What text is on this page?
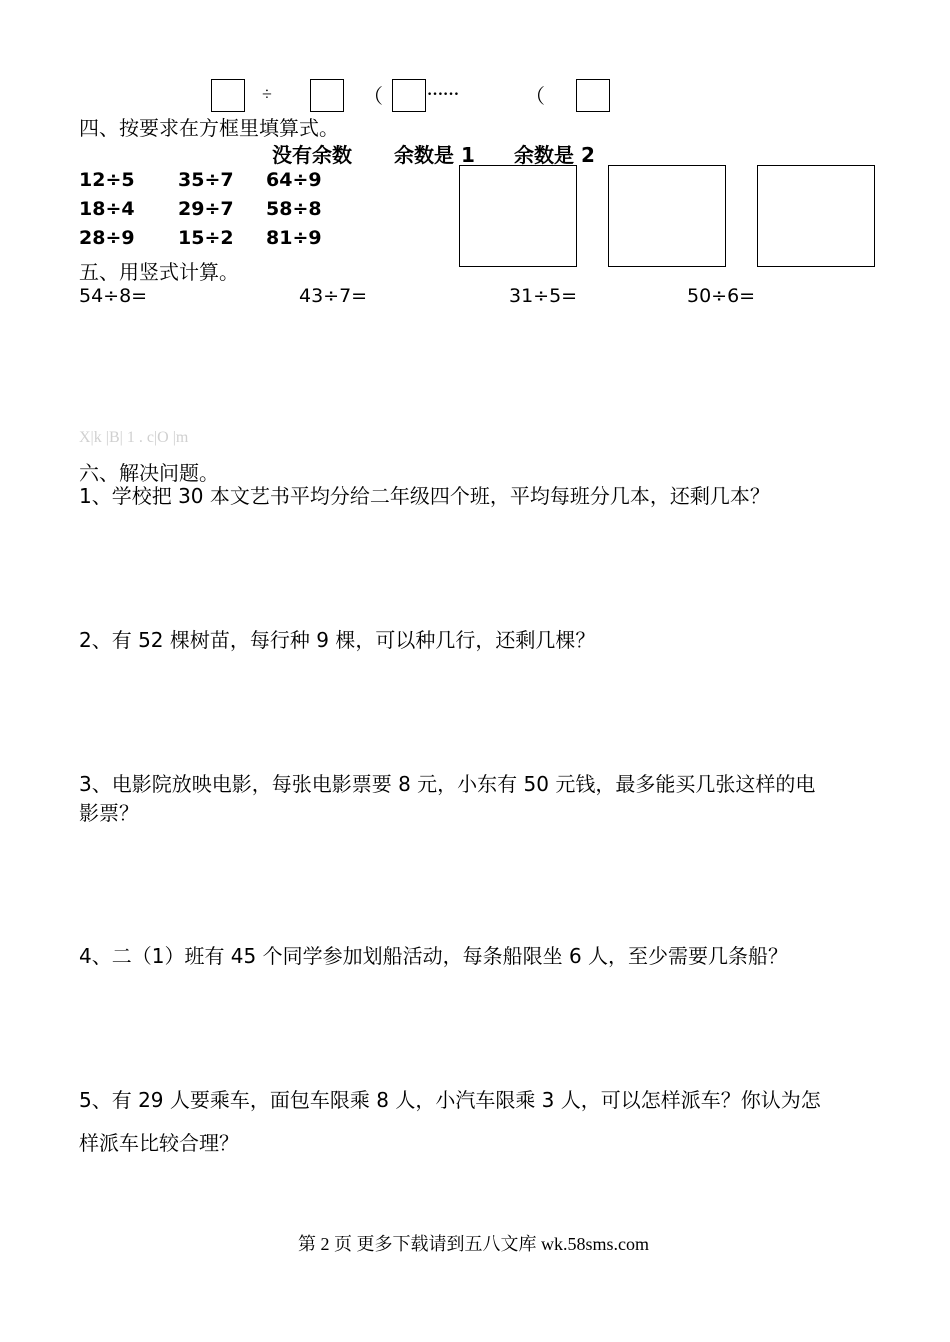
÷	（	……	（
四、按要求在方框里填算式。
没有余数 余数是 1 余数是 2
12÷5 35÷7 64÷9
18÷4 29÷7 58÷8
28÷9 15÷2 81÷9
五、用竖式计算。
54÷8=	43÷7=	31÷5=	50÷6=
X|k |B| 1 . c|O |m
六、解决问题。
1、学校把 30 本文艺书平均分给二年级四个班，平均每班分几本，还剩几本？
2、有 52 棵树苗，每行种 9 棵，可以种几行，还剩几棵？
3、电影院放映电影，每张电影票要 8 元，小东有 50 元钱，最多能买几张这样的电
影票？
4、二（1）班有 45 个同学参加划船活动，每条船限坐 6 人，至少需要几条船？
5、有 29 人要乘车，面包车限乘 8 人，小汽车限乘 3 人，可以怎样派车？你认为怎
样派车比较合理？
第 2 页 更多下载请到五八文库 wk.58sms.com
